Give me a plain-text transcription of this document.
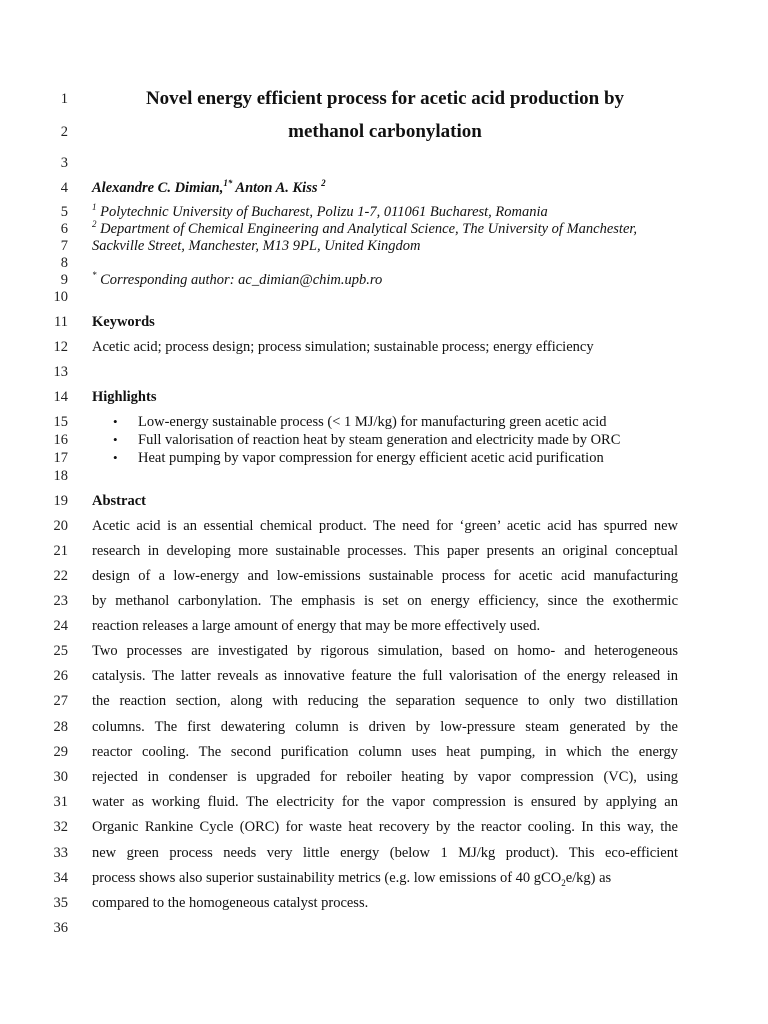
1
2
3
4
5
6
7
8
9
10
11
12
13
14
15
16
17
18
19
20
21
22
23
24
25
26
27
28
29
30
31
32
33
34
35
36
Novel energy efficient process for acetic acid production by
methanol carbonylation
Alexandre C. Dimian,$^{1*}$ Anton A. Kiss $^2$
$^1$ Polytechnic University of Bucharest, Polizu 1-7, 011061 Bucharest, Romania
$^2$ Department of Chemical Engineering and Analytical Science, The University of Manchester,
Sackville Street, Manchester, M13 9PL, United Kingdom
* Corresponding author: ac_dimian@chim.upb.ro
Keywords
Acetic acid; process design; process simulation; sustainable process; energy efficiency
Highlights
• Low-energy sustainable process (< 1 MJ/kg) for manufacturing green acetic acid
• Full valorisation of reaction heat by steam generation and electricity made by ORC
• Heat pumping by vapor compression for energy efficient acetic acid purification
Abstract
Acetic acid is an essential chemical product. The need for ‘green’ acetic acid has spurred new
research in developing more sustainable processes. This paper presents an original conceptual
design of a low-energy and low-emissions sustainable process for acetic acid manufacturing
by methanol carbonylation. The emphasis is set on energy efficiency, since the exothermic
reaction releases a large amount of energy that may be more effectively used.
Two processes are investigated by rigorous simulation, based on homo- and heterogeneous
catalysis. The latter reveals as innovative feature the full valorisation of the energy released in
the reaction section, along with reducing the separation sequence to only two distillation
columns. The first dewatering column is driven by low-pressure steam generated by the
reactor cooling. The second purification column uses heat pumping, in which the energy
rejected in condenser is upgraded for reboiler heating by vapor compression (VC), using
water as working fluid. The electricity for the vapor compression is ensured by applying an
Organic Rankine Cycle (ORC) for waste heat recovery by the reactor cooling. In this way, the
new green process needs very little energy (below 1 MJ/kg product). This eco-efficient
process shows also superior sustainability metrics (e.g. low emissions of 40 gCO$_2$e/kg) as
compared to the homogeneous catalyst process.
